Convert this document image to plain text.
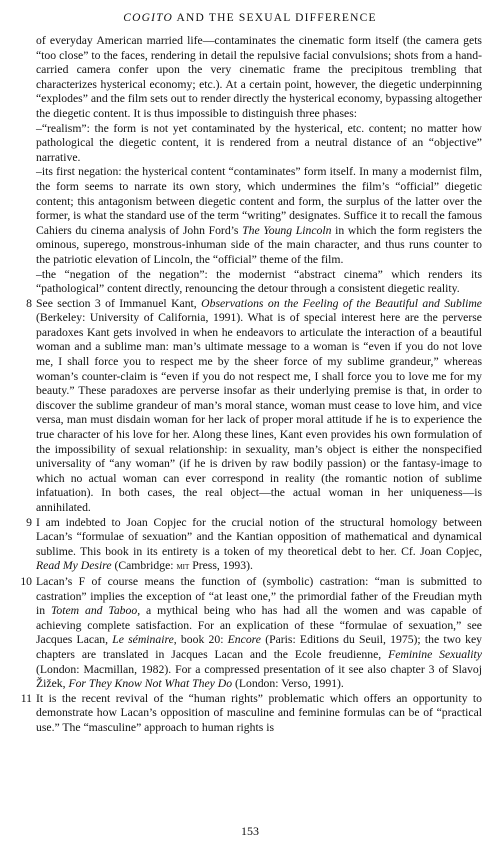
COGITO AND THE SEXUAL DIFFERENCE

of everyday American married life—contaminates the cinematic form itself (the camera gets “too close” to the faces, rendering in detail the repulsive facial convulsions; shots from a hand-carried camera confer upon the very cinematic frame the precipitous trembling that characterizes hysterical economy; etc.). At a certain point, however, the diegetic underpinning “explodes” and the film sets out to render directly the hysterical economy, bypassing altogether the diegetic content. It is thus impossible to distinguish three phases:

–“realism”: the form is not yet contaminated by the hysterical, etc. content; no matter how pathological the diegetic content, it is rendered from a neutral distance of an “objective” narrative.

–its first negation: the hysterical content “contaminates” form itself. In many a modernist film, the form seems to narrate its own story, which undermines the film’s “official” diegetic content; this antagonism between diegetic content and form, the surplus of the latter over the former, is what the standard use of the term “writing” designates. Suffice it to recall the famous Cahiers du cinema analysis of John Ford’s The Young Lincoln in which the form registers the ominous, superego, monstrous-inhuman side of the main character, and thus runs counter to the patriotic elevation of Lincoln, the “official” theme of the film.

–the “negation of the negation”: the modernist “abstract cinema” which renders its “pathological” content directly, renouncing the detour through a consistent diegetic reality.

8 See section 3 of Immanuel Kant, Observations on the Feeling of the Beautiful and Sublime (Berkeley: University of California, 1991). What is of special interest here are the perverse paradoxes Kant gets involved in when he endeavors to articulate the interaction of a beautiful woman and a sublime man: man’s ultimate message to a woman is “even if you do not love me, I shall force you to respect me by the sheer force of my sublime grandeur,” whereas woman’s counter-claim is “even if you do not respect me, I shall force you to love me for my beauty.” These paradoxes are perverse insofar as their underlying premise is that, in order to discover the sublime grandeur of man’s moral stance, woman must cease to love him, and vice versa, man must disdain woman for her lack of proper moral attitude if he is to experience the true character of his love for her. Along these lines, Kant even provides his own formulation of the impossibility of sexual relationship: in sexuality, man’s object is either the nonspecified universality of “any woman” (if he is driven by raw bodily passion) or the fantasy-image to which no actual woman can ever correspond in reality (the romantic notion of sublime infatuation). In both cases, the real object—the actual woman in her uniqueness—is annihilated.

9 I am indebted to Joan Copjec for the crucial notion of the structural homology between Lacan’s “formulae of sexuation” and the Kantian opposition of mathematical and dynamical sublime. This book in its entirety is a token of my theoretical debt to her. Cf. Joan Copjec, Read My Desire (Cambridge: mit Press, 1993).

10 Lacan’s F of course means the function of (symbolic) castration: “man is submitted to castration” implies the exception of “at least one,” the primordial father of the Freudian myth in Totem and Taboo, a mythical being who has had all the women and was capable of achieving complete satisfaction. For an explication of these “formulae of sexuation,” see Jacques Lacan, Le séminaire, book 20: Encore (Paris: Editions du Seuil, 1975); the two key chapters are translated in Jacques Lacan and the Ecole freudienne, Feminine Sexuality (London: Macmillan, 1982). For a compressed presentation of it see also chapter 3 of Slavoj Žižek, For They Know Not What They Do (London: Verso, 1991).

11 It is the recent revival of the “human rights” problematic which offers an opportunity to demonstrate how Lacan’s opposition of masculine and feminine formulas can be of “practical use.” The “masculine” approach to human rights is

153
